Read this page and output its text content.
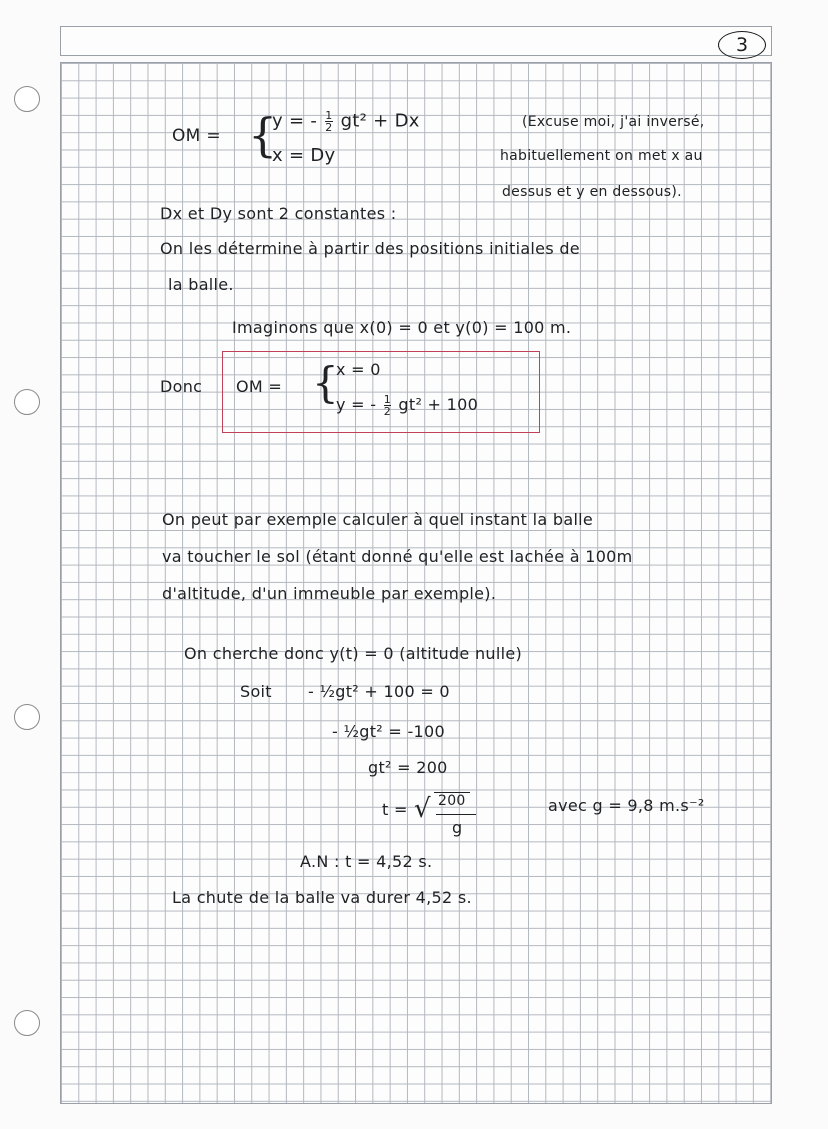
3
OM = {
y = - $\frac{1}{2} gt^2 + Dx$
x = Dy
(Excuse moi, j'ai inversé,
habituellement on met x au
dessus et y en dessous).
Dx et Dy sont 2 constantes :
On les détermine à partir des positions initiales de
la balle.
Imaginons que x(0) = 0 et y(0) = 100 m.
Donc OM = {
x = 0
y = - $\frac{1}{2} gt^2 + 100$
On peut par exemple calculer à quel instant la balle
va toucher le sol (étant donné qu'elle est lachée à 100m
d'altitude, d'un immeuble par exemple).
On cherche donc y(t) = 0 (altitude nulle)
Soit - ½gt² + 100 = 0
- ½gt² = -100
gt² = 200
t = √ 200
g
avec g = 9,8 m.s⁻²
A.N : t = 4,52 s.
La chute de la balle va durer 4,52 s.
